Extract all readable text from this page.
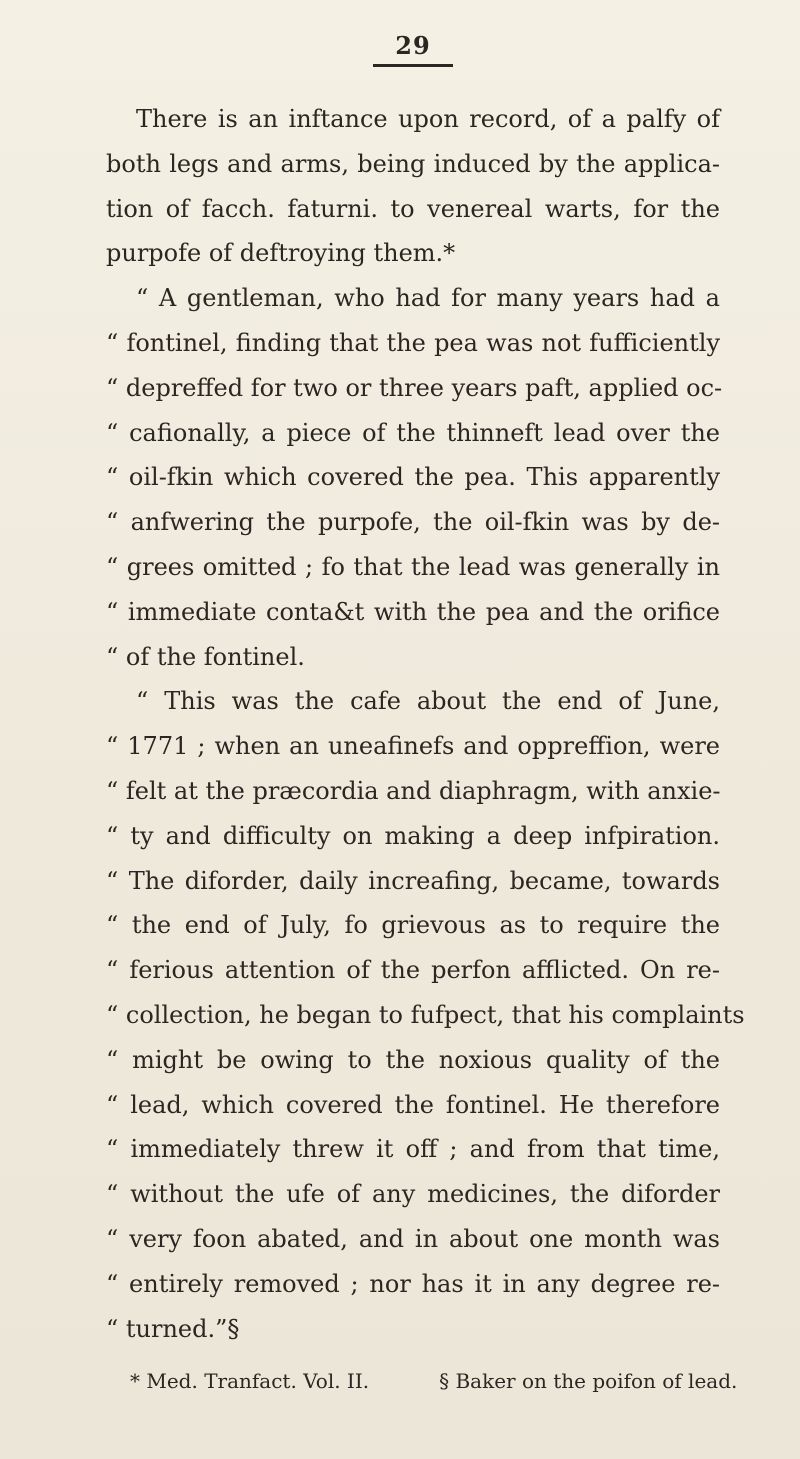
29

There is an inftance upon record, of a palfy of

both legs and arms, being induced by the applica-

tion of facch. faturni. to venereal warts, for the

purpofe of deftroying them.*

“ A gentleman, who had for many years had a

“ fontinel, finding that the pea was not fufficiently

“ depreffed for two or three years paft, applied oc-

“ cafionally, a piece of the thinneft lead over the

“ oil-fkin which covered the pea. This apparently

“ anfwering the purpofe, the oil-fkin was by de-

“ grees omitted ; fo that the lead was generally in

“ immediate conta&t with the pea and the orifice

“ of the fontinel.

“ This was the cafe about the end of June,

“ 1771 ; when an uneafinefs and oppreffion, were

“ felt at the præcordia and diaphragm, with anxie-

“ ty and difficulty on making a deep infpiration.

“ The diforder, daily increafing, became, towards

“ the end of July, fo grievous as to require the

“ ferious attention of the perfon afflicted. On re-

“ collection, he began to fufpect, that his complaints

“ might be owing to the noxious quality of the

“ lead, which covered the fontinel. He therefore

“ immediately threw it off ; and from that time,

“ without the ufe of any medicines, the diforder

“ very foon abated, and in about one month was

“ entirely removed ; nor has it in any degree re-

“ turned.”§

* Med. Tranfact. Vol. II.	§ Baker on the poifon of lead.
